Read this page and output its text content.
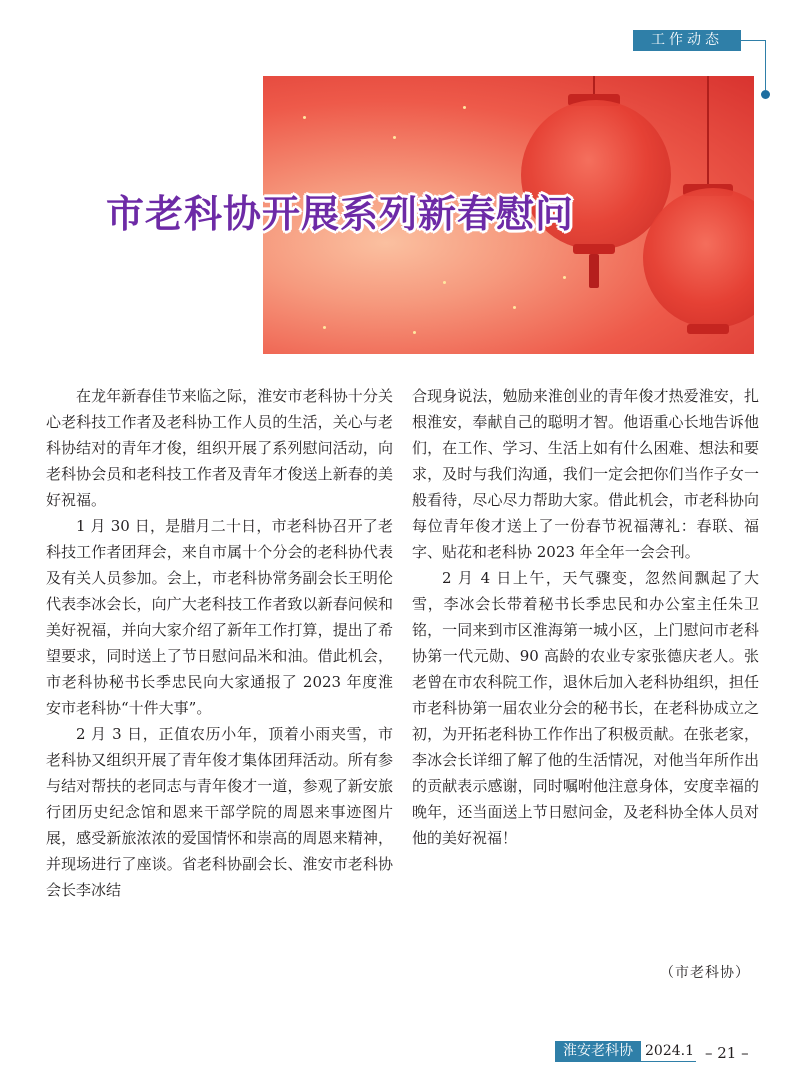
工作动态
市老科协开展系列新春慰问

在龙年新春佳节来临之际，淮安市老科协十分关心老科技工作者及老科协工作人员的生活，关心与老科协结对的青年才俊，组织开展了系列慰问活动，向老科协会员和老科技工作者及青年才俊送上新春的美好祝福。

1 月 30 日，是腊月二十日，市老科协召开了老科技工作者团拜会，来自市属十个分会的老科协代表及有关人员参加。会上，市老科协常务副会长王明伦代表李冰会长，向广大老科技工作者致以新春问候和美好祝福，并向大家介绍了新年工作打算，提出了希望要求，同时送上了节日慰问品米和油。借此机会，市老科协秘书长季忠民向大家通报了 2023 年度淮安市老科协“十件大事”。

2 月 3 日，正值农历小年，顶着小雨夹雪，市老科协又组织开展了青年俊才集体团拜活动。所有参与结对帮扶的老同志与青年俊才一道，参观了新安旅行团历史纪念馆和恩来干部学院的周恩来事迹图片展，感受新旅浓浓的爱国情怀和崇高的周恩来精神，并现场进行了座谈。省老科协副会长、淮安市老科协会长李冰结

合现身说法，勉励来淮创业的青年俊才热爱淮安，扎根淮安，奉献自己的聪明才智。他语重心长地告诉他们，在工作、学习、生活上如有什么困难、想法和要求，及时与我们沟通，我们一定会把你们当作子女一般看待，尽心尽力帮助大家。借此机会，市老科协向每位青年俊才送上了一份春节祝福薄礼：春联、福字、贴花和老科协 2023 年全年一会会刊。

2 月 4 日上午，天气骤变，忽然间飘起了大雪，李冰会长带着秘书长季忠民和办公室主任朱卫铭，一同来到市区淮海第一城小区，上门慰问市老科协第一代元勋、90 高龄的农业专家张德庆老人。张老曾在市农科院工作，退休后加入老科协组织，担任市老科协第一届农业分会的秘书长，在老科协成立之初，为开拓老科协工作作出了积极贡献。在张老家，李冰会长详细了解了他的生活情况，对他当年所作出的贡献表示感谢，同时嘱咐他注意身体，安度幸福的晚年，还当面送上节日慰问金，及老科协全体人员对他的美好祝福！

（市老科协）
淮安老科协 2024.1 – 21 –
